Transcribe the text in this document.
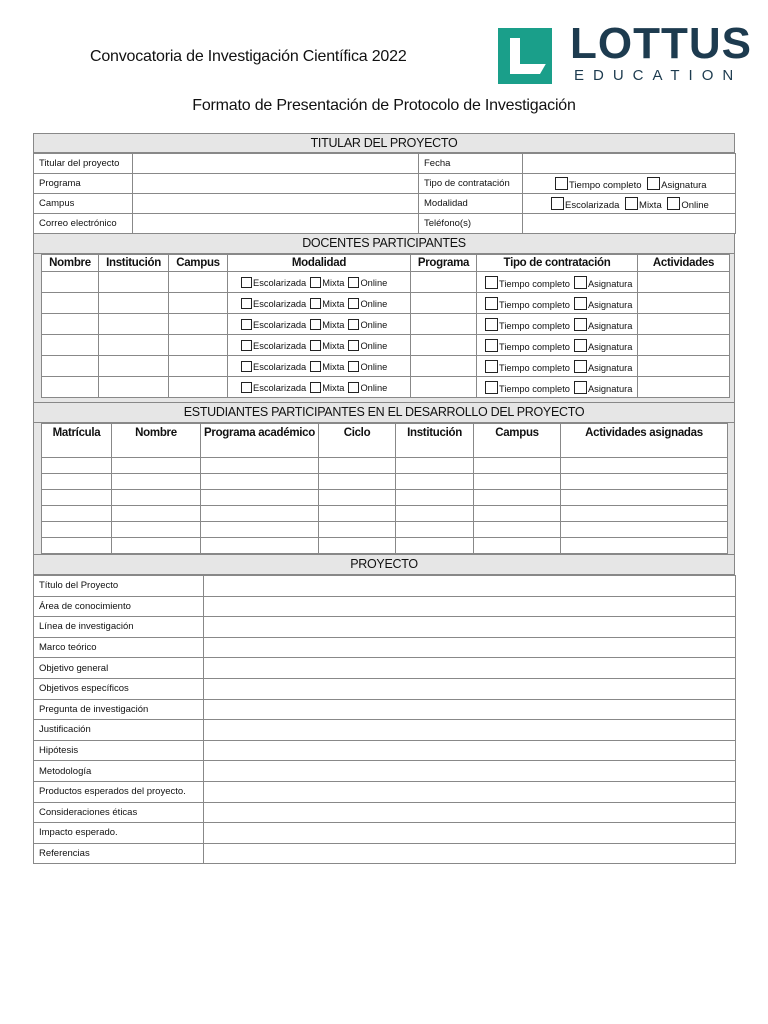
Convocatoria de Investigación Científica 2022	LOTTUS
EDUCATION
Formato de Presentación de Protocolo de Investigación
TITULAR DEL PROYECTO
Titular del proyecto		Fecha	
Programa		Tipo de contratación	Tiempo completo Asignatura
Campus		Modalidad	Escolarizada Mixta Online
Correo electrónico		Teléfono(s)	
DOCENTES PARTICIPANTES
Nombre	Institución	Campus	Modalidad	Programa	Tipo de contratación	Actividades
			Escolarizada Mixta Online		Tiempo completo Asignatura	
			Escolarizada Mixta Online		Tiempo completo Asignatura	
			Escolarizada Mixta Online		Tiempo completo Asignatura	
			Escolarizada Mixta Online		Tiempo completo Asignatura	
			Escolarizada Mixta Online		Tiempo completo Asignatura	
			Escolarizada Mixta Online		Tiempo completo Asignatura	
ESTUDIANTES PARTICIPANTES EN EL DESARROLLO DEL PROYECTO
Matrícula	Nombre	Programa académico	Ciclo	Institución	Campus	Actividades asignadas

PROYECTO
Título del Proyecto	
Área de conocimiento	
Línea de investigación	
Marco teórico	
Objetivo general	
Objetivos específicos	
Pregunta de investigación	
Justificación	
Hipótesis	
Metodología	
Productos esperados del proyecto.	
Consideraciones éticas	
Impacto esperado.	
Referencias	
